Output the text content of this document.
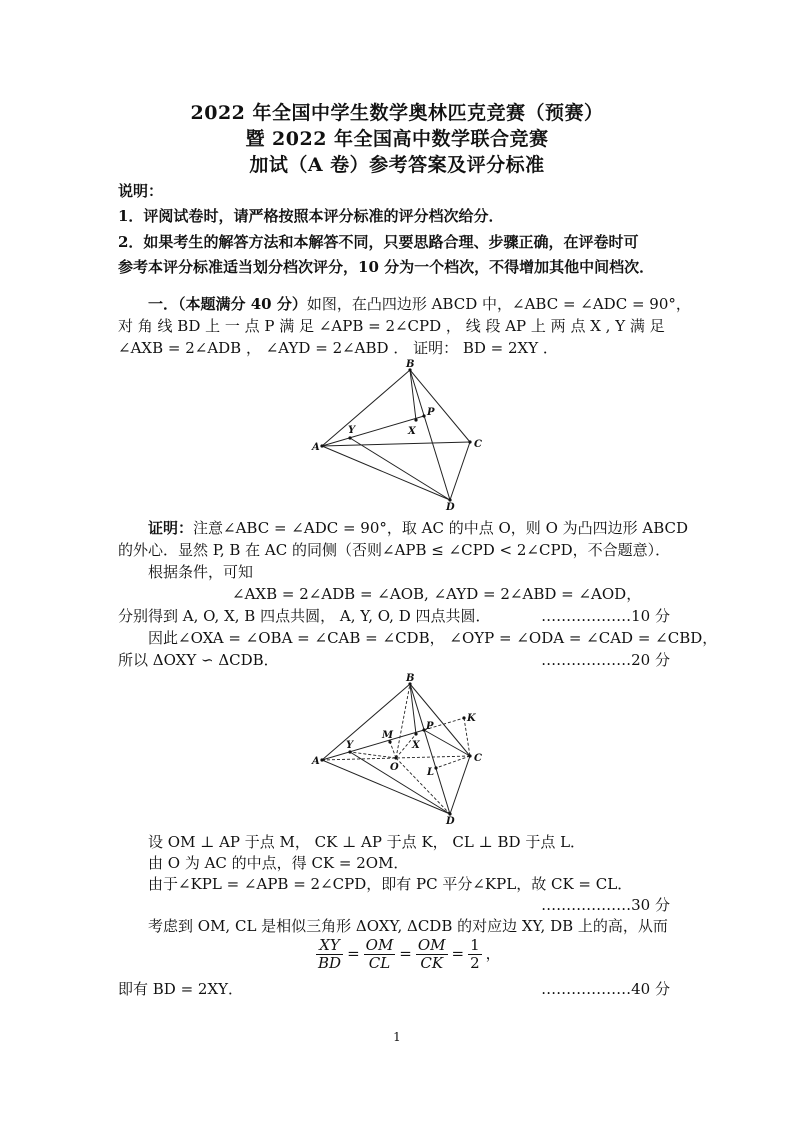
2022 年全国中学生数学奥林匹克竞赛（预赛）
暨 2022 年全国高中数学联合竞赛
加试（A 卷）参考答案及评分标准
说明：
1．评阅试卷时，请严格按照本评分标准的评分档次给分．
2．如果考生的解答方法和本解答不同，只要思路合理、步骤正确，在评卷时可
参考本评分标准适当划分档次评分，10 分为一个档次，不得增加其他中间档次．
一．（本题满分 40 分）如图，在凸四边形 ABCD 中，∠ABC = ∠ADC = 90°，
对 角 线 BD 上 一 点 P 满 足 ∠APB = 2∠CPD ， 线 段 AP 上 两 点 X , Y 满 足
∠AXB = 2∠ADB ， ∠AYD = 2∠ABD ． 证明： BD = 2XY ．
B
P
Y	X
A	C
D
证明：注意∠ABC = ∠ADC = 90°，取 AC 的中点 O，则 O 为凸四边形 ABCD
的外心．显然 P, B 在 AC 的同侧（否则∠APB ≤ ∠CPD < 2∠CPD，不合题意）．
根据条件，可知
∠AXB = 2∠ADB = ∠AOB, ∠AYD = 2∠ABD = ∠AOD，
分别得到 A, O, X, B 四点共圆， A, Y, O, D 四点共圆．	………………10 分
因此∠OXA = ∠OBA = ∠CAB = ∠CDB， ∠OYP = ∠ODA = ∠CAD = ∠CBD，
所以 ΔOXY ∽ ΔCDB．	………………20 分
B
K
P
M
Y	X
A
O
C
L
D
设 OM ⊥ AP 于点 M， CK ⊥ AP 于点 K， CL ⊥ BD 于点 L．
由 O 为 AC 的中点，得 CK = 2OM．
由于∠KPL = ∠APB = 2∠CPD，即有 PC 平分∠KPL，故 CK = CL．
………………30 分
考虑到 OM, CL 是相似三角形 ΔOXY, ΔCDB 的对应边 XY, DB 上的高，从而
$\frac{XY}{BD} = \frac{OM}{CL} = \frac{OM}{CK} = \frac{1}{2}$ ，
即有 BD = 2XY．	………………40 分
1
